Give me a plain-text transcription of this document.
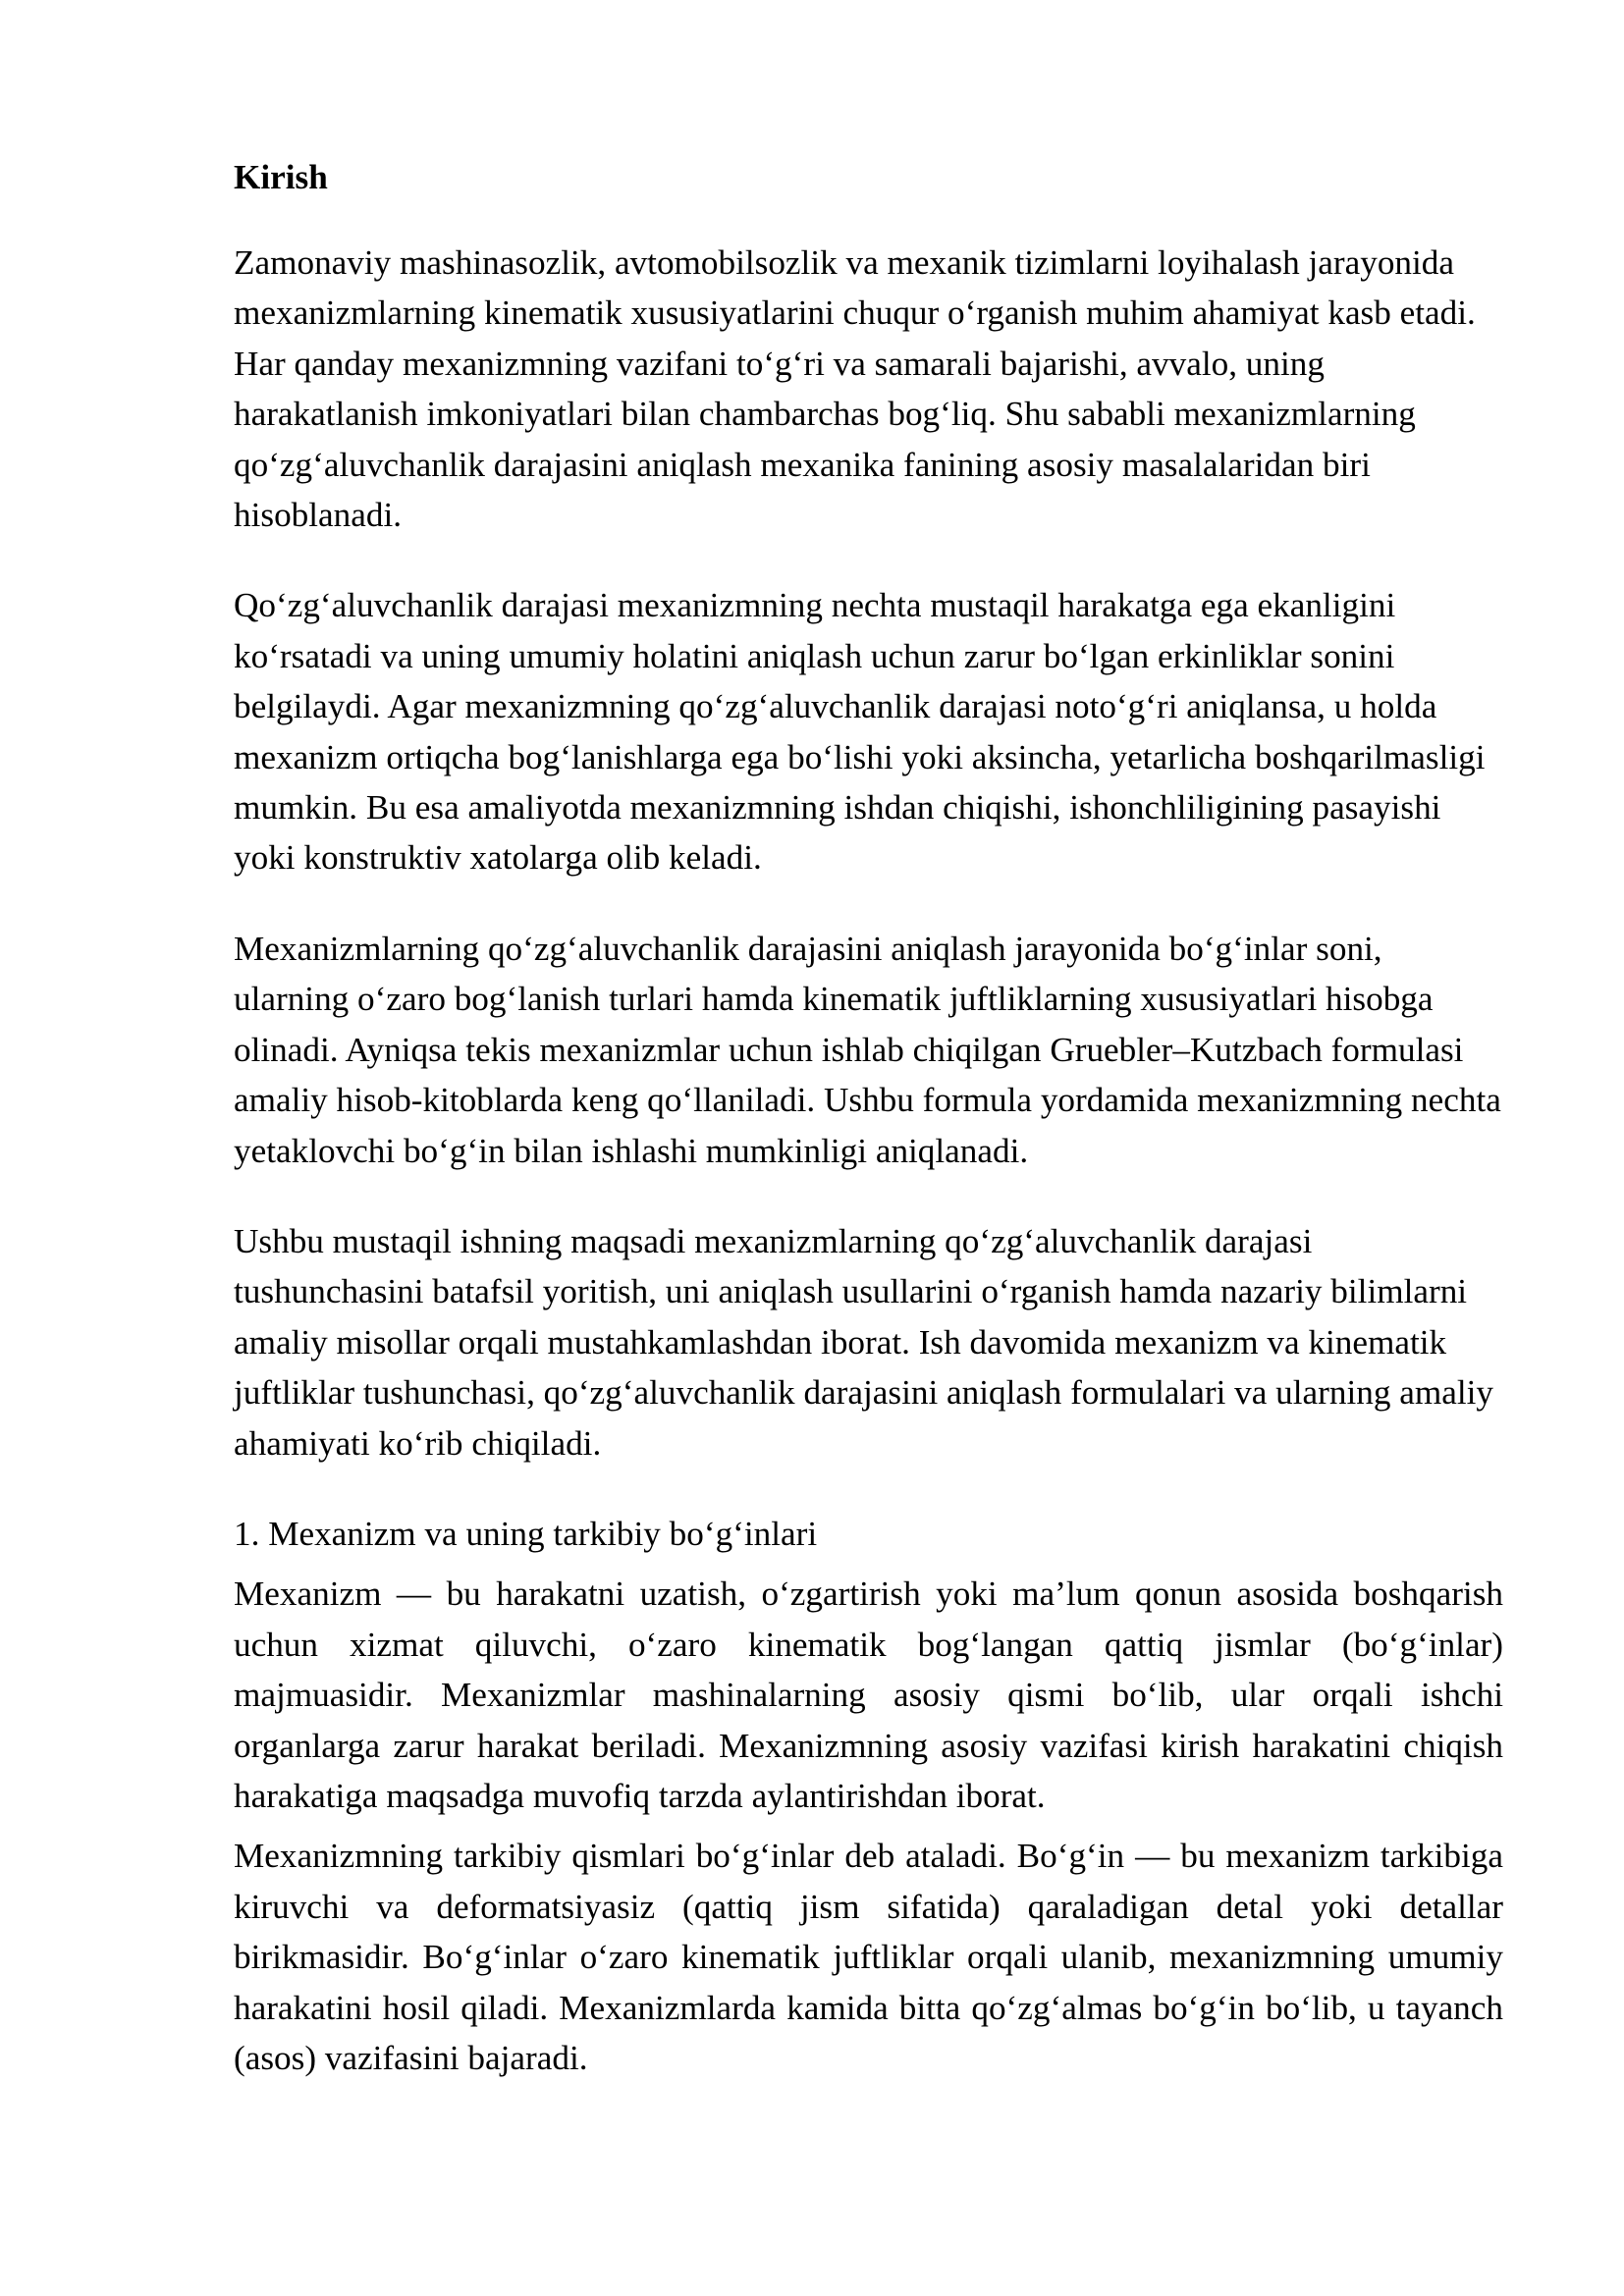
Kirish

Zamonaviy mashinasozlik, avtomobilsozlik va mexanik tizimlarni loyihalash jarayonida mexanizmlarning kinematik xususiyatlarini chuqur o‘rganish muhim ahamiyat kasb etadi. Har qanday mexanizmning vazifani to‘g‘ri va samarali bajarishi, avvalo, uning harakatlanish imkoniyatlari bilan chambarchas bog‘liq. Shu sababli mexanizmlarning qo‘zg‘aluvchanlik darajasini aniqlash mexanika fanining asosiy masalalaridan biri hisoblanadi.

Qo‘zg‘aluvchanlik darajasi mexanizmning nechta mustaqil harakatga ega ekanligini ko‘rsatadi va uning umumiy holatini aniqlash uchun zarur bo‘lgan erkinliklar sonini belgilaydi. Agar mexanizmning qo‘zg‘aluvchanlik darajasi noto‘g‘ri aniqlansa, u holda mexanizm ortiqcha bog‘lanishlarga ega bo‘lishi yoki aksincha, yetarlicha boshqarilmasligi mumkin. Bu esa amaliyotda mexanizmning ishdan chiqishi, ishonchliligining pasayishi yoki konstruktiv xatolarga olib keladi.

Mexanizmlarning qo‘zg‘aluvchanlik darajasini aniqlash jarayonida bo‘g‘inlar soni, ularning o‘zaro bog‘lanish turlari hamda kinematik juftliklarning xususiyatlari hisobga olinadi. Ayniqsa tekis mexanizmlar uchun ishlab chiqilgan Gruebler–Kutzbach formulasi amaliy hisob-kitoblarda keng qo‘llaniladi. Ushbu formula yordamida mexanizmning nechta yetaklovchi bo‘g‘in bilan ishlashi mumkinligi aniqlanadi.

Ushbu mustaqil ishning maqsadi mexanizmlarning qo‘zg‘aluvchanlik darajasi tushunchasini batafsil yoritish, uni aniqlash usullarini o‘rganish hamda nazariy bilimlarni amaliy misollar orqali mustahkamlashdan iborat. Ish davomida mexanizm va kinematik juftliklar tushunchasi, qo‘zg‘aluvchanlik darajasini aniqlash formulalari va ularning amaliy ahamiyati ko‘rib chiqiladi.

1. Mexanizm va uning tarkibiy bo‘g‘inlari

Mexanizm — bu harakatni uzatish, o‘zgartirish yoki ma’lum qonun asosida boshqarish uchun xizmat qiluvchi, o‘zaro kinematik bog‘langan qattiq jismlar (bo‘g‘inlar) majmuasidir. Mexanizmlar mashinalarning asosiy qismi bo‘lib, ular orqali ishchi organlarga zarur harakat beriladi. Mexanizmning asosiy vazifasi kirish harakatini chiqish harakatiga maqsadga muvofiq tarzda aylantirishdan iborat.

Mexanizmning tarkibiy qismlari bo‘g‘inlar deb ataladi. Bo‘g‘in — bu mexanizm tarkibiga kiruvchi va deformatsiyasiz (qattiq jism sifatida) qaraladigan detal yoki detallar birikmasidir. Bo‘g‘inlar o‘zaro kinematik juftliklar orqali ulanib, mexanizmning umumiy harakatini hosil qiladi. Mexanizmlarda kamida bitta qo‘zg‘almas bo‘g‘in bo‘lib, u tayanch (asos) vazifasini bajaradi.
